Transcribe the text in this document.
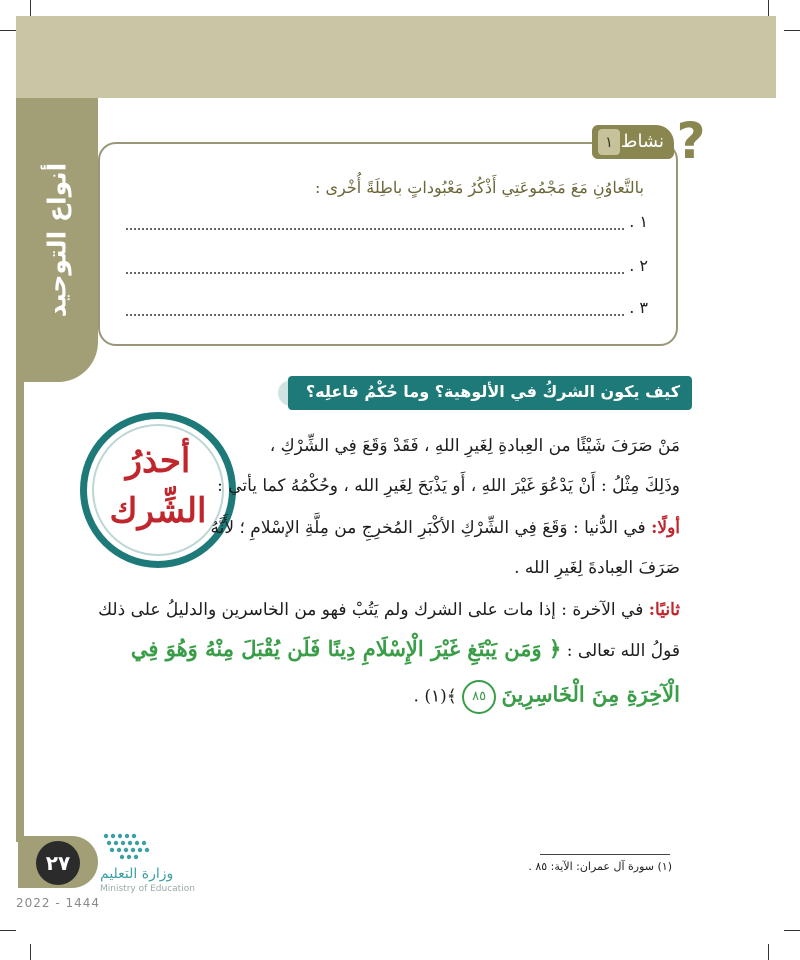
أنواع التوحيد
نشاط
١ ?
بالتَّعاوُنِ مَعَ مَجْمُوعَتِي أَذْكُرُ مَعْبُوداتٍ باطِلَةً أُخْرى :
١ .
٢ .
٣ .
كيف يكون الشركُ في الألوهية؟ وما حُكْمُ فاعلِه؟
أحذرُ
الشِّرك
مَنْ صَرَفَ شَيْئًا من العِبادةِ لِغَيرِ اللهِ ، فَقَدْ وَقَعَ فِي الشِّرْكِ ،
وذَلِكَ مِثْلُ : أَنْ يَدْعُوَ غَيْرَ اللهِ ، أَو يَذْبَحَ لِغَيرِ الله ، وحُكْمُهُ كما يأتي :
أولًا: في الدُّنيا : وَقَعَ فِي الشِّرْكِ الأكْبَرِ المُخرِجِ من مِلَّةِ الإسْلامِ ؛ لأَنَّهُ
صَرَفَ العِبادةَ لِغَيرِ الله .
ثانيًا: في الآخرة : إذا مات على الشرك ولم يَتُبْ فهو من الخاسرين والدليلُ على ذلك
قولُ الله تعالى : ﴿ وَمَن يَبْتَغِ غَيْرَ الْإِسْلَامِ دِينًا فَلَن يُقْبَلَ مِنْهُ وَهُوَ فِي
الْآخِرَةِ مِنَ الْخَاسِرِينَ ٨٥ ﴾(١) .
(١) سورة آل عمران: الآية: ٨٥ .
٢٧	وزارة التعليم
Ministry of Education
2022 - 1444
